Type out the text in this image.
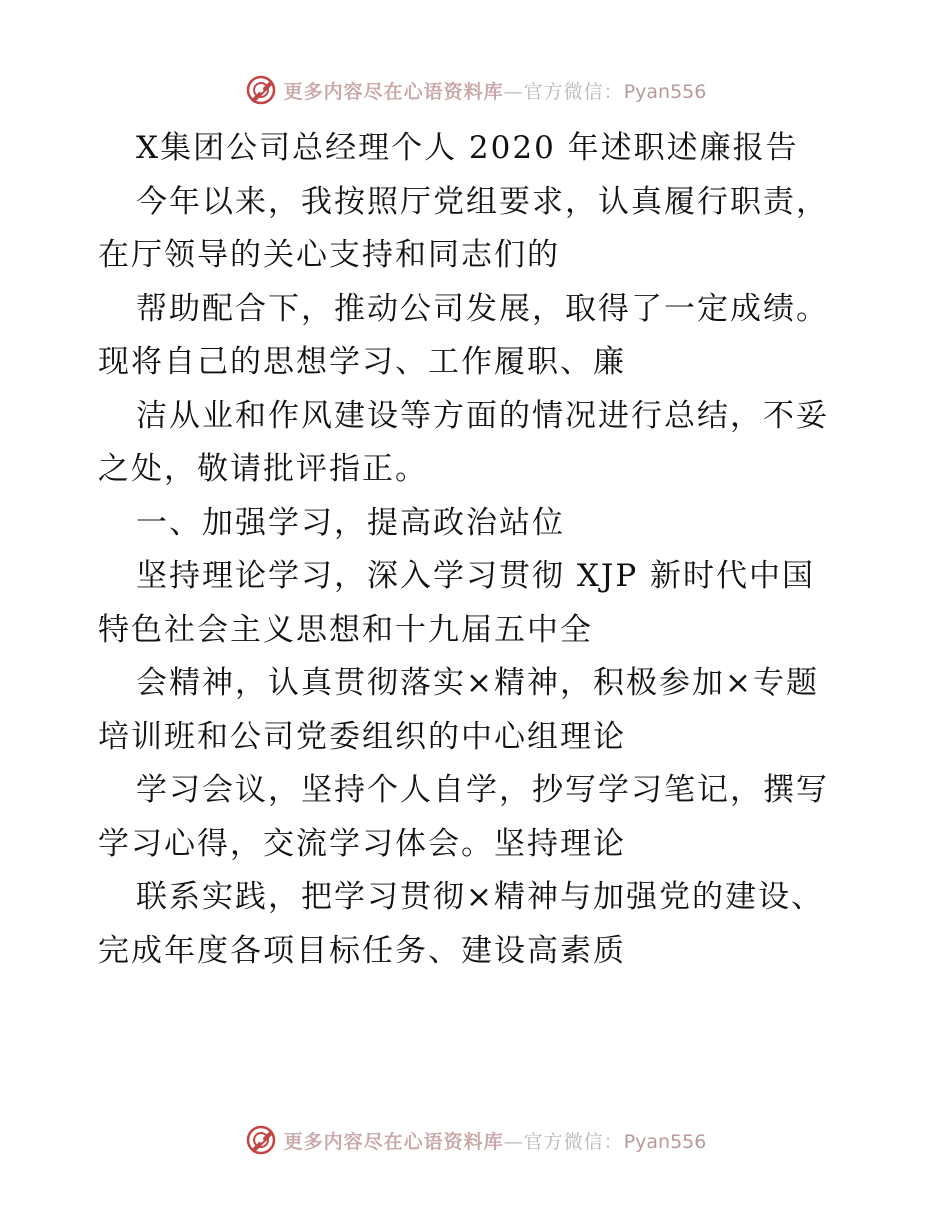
更多内容尽在心语资料库—官方微信：Pyan556
X集团公司总经理个人 2020 年述职述廉报告
今年以来，我按照厅党组要求，认真履行职责，
在厅领导的关心支持和同志们的
帮助配合下，推动公司发展，取得了一定成绩。
现将自己的思想学习、工作履职、廉
洁从业和作风建设等方面的情况进行总结，不妥
之处，敬请批评指正。
一、加强学习，提高政治站位
坚持理论学习，深入学习贯彻 XJP 新时代中国
特色社会主义思想和十九届五中全
会精神，认真贯彻落实×精神，积极参加×专题
培训班和公司党委组织的中心组理论
学习会议，坚持个人自学，抄写学习笔记，撰写
学习心得，交流学习体会。坚持理论
联系实践，把学习贯彻×精神与加强党的建设、
完成年度各项目标任务、建设高素质
更多内容尽在心语资料库—官方微信：Pyan556
